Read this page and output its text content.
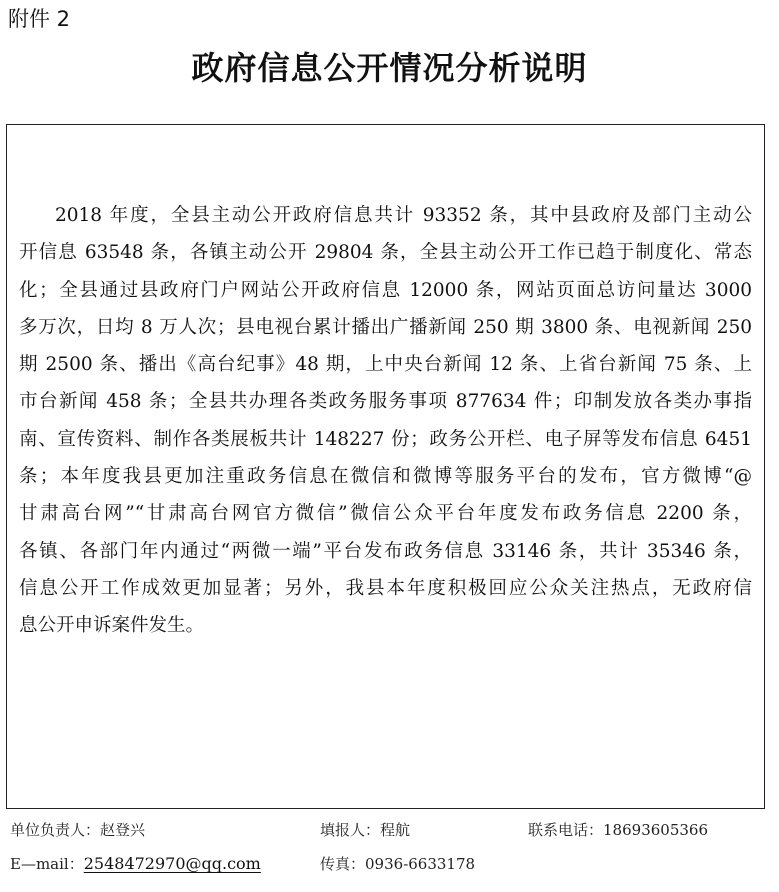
附件 2
政府信息公开情况分析说明

2018 年度，全县主动公开政府信息共计 93352 条，其中县政府及部门主动公
开信息 63548 条，各镇主动公开 29804 条，全县主动公开工作已趋于制度化、常态
化；全县通过县政府门户网站公开政府信息 12000 条，网站页面总访问量达 3000
多万次，日均 8 万人次；县电视台累计播出广播新闻 250 期 3800 条、电视新闻 250
期 2500 条、播出《高台纪事》48 期，上中央台新闻 12 条、上省台新闻 75 条、上
市台新闻 458 条；全县共办理各类政务服务事项 877634 件；印制发放各类办事指
南、宣传资料、制作各类展板共计 148227 份；政务公开栏、电子屏等发布信息 6451
条；本年度我县更加注重政务信息在微信和微博等服务平台的发布，官方微博“@
甘肃高台网”“甘肃高台网官方微信”微信公众平台年度发布政务信息 2200 条，
各镇、各部门年内通过“两微一端”平台发布政务信息 33146 条，共计 35346 条，
信息公开工作成效更加显著；另外，我县本年度积极回应公众关注热点，无政府信
息公开申诉案件发生。

单位负责人：赵登兴	填报人：程航	联系电话：18693605366
E—mail：2548472970@qq.com	传真：0936-6633178
